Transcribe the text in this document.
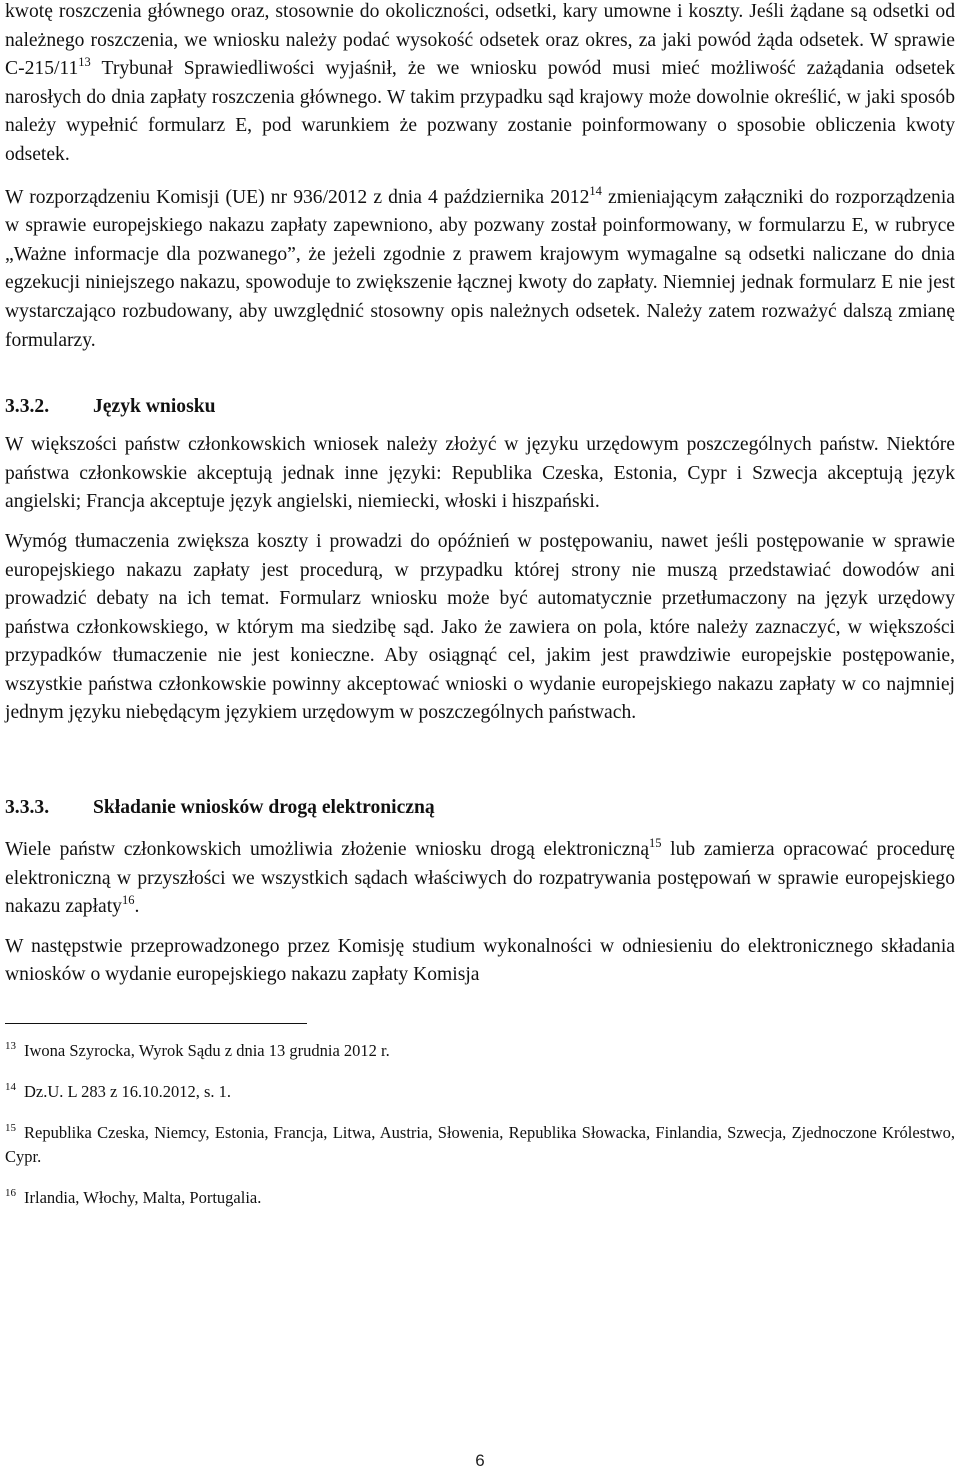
kwotę roszczenia głównego oraz, stosownie do okoliczności, odsetki, kary umowne i koszty. Jeśli żądane są odsetki od należnego roszczenia, we wniosku należy podać wysokość odsetek oraz okres, za jaki powód żąda odsetek. W sprawie $C-215/11^{13}$ Trybunał Sprawiedliwości wyjaśnił, że we wniosku powód musi mieć możliwość zażądania odsetek narosłych do dnia zapłaty roszczenia głównego. W takim przypadku sąd krajowy może dowolnie określić, w jaki sposób należy wypełnić formularz E, pod warunkiem że pozwany zostanie poinformowany o sposobie obliczenia kwoty odsetek.

W rozporządzeniu Komisji (UE) nr 936/2012 z dnia 4 października 2012$^{14}$ zmieniającym załączniki do rozporządzenia w sprawie europejskiego nakazu zapłaty zapewniono, aby pozwany został poinformowany, w formularzu E, w rubryce „Ważne informacje dla pozwanego”, że jeżeli zgodnie z prawem krajowym wymagalne są odsetki naliczane do dnia egzekucji niniejszego nakazu, spowoduje to zwiększenie łącznej kwoty do zapłaty. Niemniej jednak formularz E nie jest wystarczająco rozbudowany, aby uwzględnić stosowny opis należnych odsetek. Należy zatem rozważyć dalszą zmianę formularzy.

3.3.2.	Język wniosku

W większości państw członkowskich wniosek należy złożyć w języku urzędowym poszczególnych państw. Niektóre państwa członkowskie akceptują jednak inne języki: Republika Czeska, Estonia, Cypr i Szwecja akceptują język angielski; Francja akceptuje język angielski, niemiecki, włoski i hiszpański.

Wymóg tłumaczenia zwiększa koszty i prowadzi do opóźnień w postępowaniu, nawet jeśli postępowanie w sprawie europejskiego nakazu zapłaty jest procedurą, w przypadku której strony nie muszą przedstawiać dowodów ani prowadzić debaty na ich temat. Formularz wniosku może być automatycznie przetłumaczony na język urzędowy państwa członkowskiego, w którym ma siedzibę sąd. Jako że zawiera on pola, które należy zaznaczyć, w większości przypadków tłumaczenie nie jest konieczne. Aby osiągnąć cel, jakim jest prawdziwie europejskie postępowanie, wszystkie państwa członkowskie powinny akceptować wnioski o wydanie europejskiego nakazu zapłaty w co najmniej jednym języku niebędącym językiem urzędowym w poszczególnych państwach.

3.3.3.	Składanie wniosków drogą elektroniczną

Wiele państw członkowskich umożliwia złożenie wniosku drogą elektroniczną$^{15}$ lub zamierza opracować procedurę elektroniczną w przyszłości we wszystkich sądach właściwych do rozpatrywania postępowań w sprawie europejskiego nakazu zapłaty$^{16}$.

W następstwie przeprowadzonego przez Komisję studium wykonalności w odniesieniu do elektronicznego składania wniosków o wydanie europejskiego nakazu zapłaty Komisja

$^{13}$ Iwona Szyrocka, Wyrok Sądu z dnia 13 grudnia 2012 r.

$^{14}$ Dz.U. L 283 z 16.10.2012, s. 1.

$^{15}$ Republika Czeska, Niemcy, Estonia, Francja, Litwa, Austria, Słowenia, Republika Słowacka, Finlandia, Szwecja, Zjednoczone Królestwo, Cypr.

$^{16}$ Irlandia, Włochy, Malta, Portugalia.

6
